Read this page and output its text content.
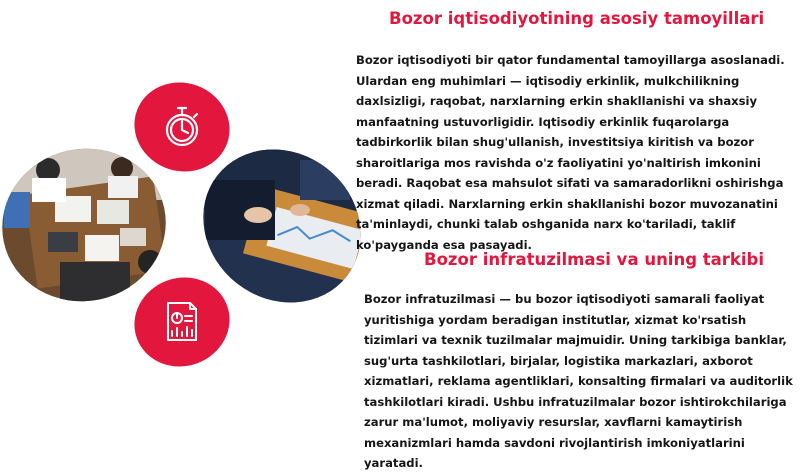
Bozor iqtisodiyotining asosiy tamoyillari

Bozor iqtisodiyoti bir qator fundamental tamoyillarga asoslanadi. Ulardan eng muhimlari — iqtisodiy erkinlik, mulkchilikning daxlsizligi, raqobat, narxlarning erkin shakllanishi va shaxsiy manfaatning ustuvorligidir. Iqtisodiy erkinlik fuqarolarga tadbirkorlik bilan shug'ullanish, investitsiya kiritish va bozor sharoitlariga mos ravishda o'z faoliyatini yo'naltirish imkonini beradi. Raqobat esa mahsulot sifati va samaradorlikni oshirishga xizmat qiladi. Narxlarning erkin shakllanishi bozor muvozanatini ta'minlaydi, chunki talab oshganida narx ko'tariladi, taklif ko'payganda esa pasayadi.

Bozor infratuzilmasi va uning tarkibi

Bozor infratuzilmasi — bu bozor iqtisodiyoti samarali faoliyat yuritishiga yordam beradigan institutlar, xizmat ko'rsatish tizimlari va texnik tuzilmalar majmuidir. Uning tarkibiga banklar, sug'urta tashkilotlari, birjalar, logistika markazlari, axborot xizmatlari, reklama agentliklari, konsalting firmalari va auditorlik tashkilotlari kiradi. Ushbu infratuzilmalar bozor ishtirokchilariga zarur ma'lumot, moliyaviy resurslar, xavflarni kamaytirish mexanizmlari hamda savdoni rivojlantirish imkoniyatlarini yaratadi.
